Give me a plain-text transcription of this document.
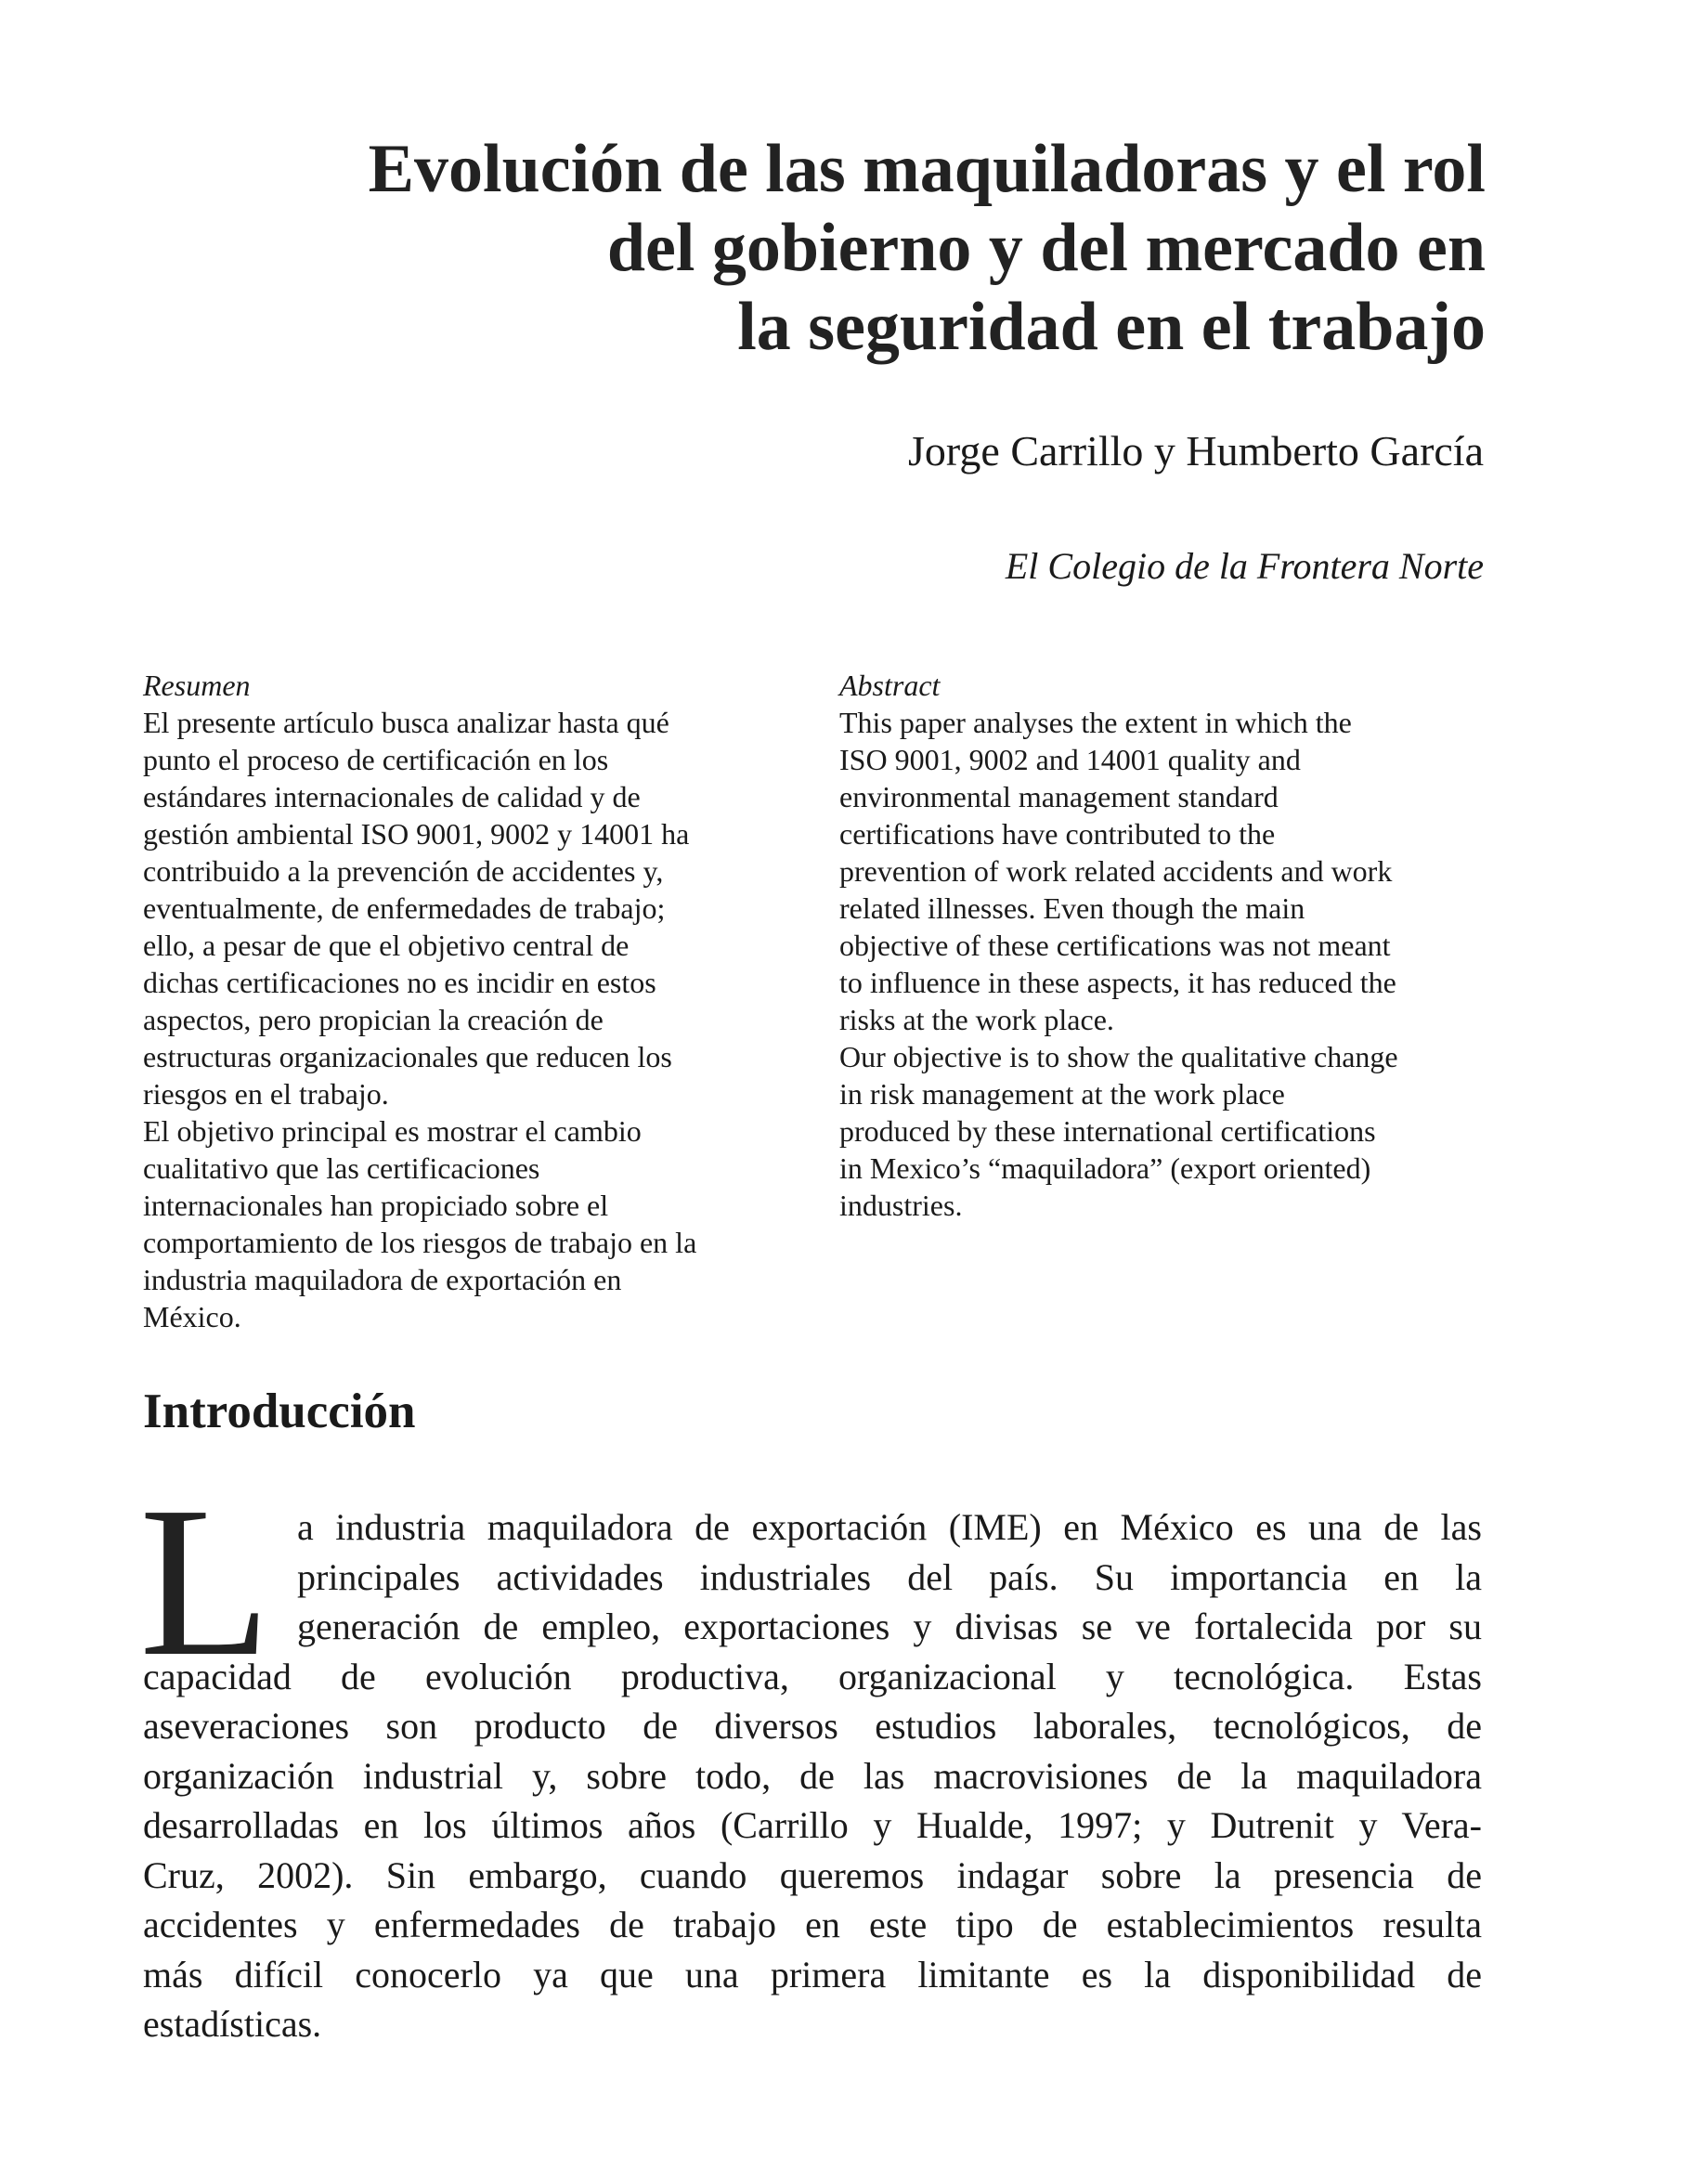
Evolución de las maquiladoras y el rol
del gobierno y del mercado en
la seguridad en el trabajo
Jorge Carrillo y Humberto García
El Colegio de la Frontera Norte
Resumen
El presente artículo busca analizar hasta qué
punto el proceso de certificación en los
estándares internacionales de calidad y de
gestión ambiental ISO 9001, 9002 y 14001 ha
contribuido a la prevención de accidentes y,
eventualmente, de enfermedades de trabajo;
ello, a pesar de que el objetivo central de
dichas certificaciones no es incidir en estos
aspectos, pero propician la creación de
estructuras organizacionales que reducen los
riesgos en el trabajo.
El objetivo principal es mostrar el cambio
cualitativo que las certificaciones
internacionales han propiciado sobre el
comportamiento de los riesgos de trabajo en la
industria maquiladora de exportación en
México.
Abstract
This paper analyses the extent in which the
ISO 9001, 9002 and 14001 quality and
environmental management standard
certifications have contributed to the
prevention of work related accidents and work
related illnesses. Even though the main
objective of these certifications was not meant
to influence in these aspects, it has reduced the
risks at the work place.
Our objective is to show the qualitative change
in risk management at the work place
produced by these international certifications
in Mexico’s “maquiladora” (export oriented)
industries.
Introducción
L a industria maquiladora de exportación (IME) en México es una de las
principales actividades industriales del país. Su importancia en la
generación de empleo, exportaciones y divisas se ve fortalecida por su
capacidad de evolución productiva, organizacional y tecnológica. Estas
aseveraciones son producto de diversos estudios laborales, tecnológicos, de
organización industrial y, sobre todo, de las macrovisiones de la maquiladora
desarrolladas en los últimos años (Carrillo y Hualde, 1997; y Dutrenit y Vera-
Cruz, 2002). Sin embargo, cuando queremos indagar sobre la presencia de
accidentes y enfermedades de trabajo en este tipo de establecimientos resulta
más difícil conocerlo ya que una primera limitante es la disponibilidad de
estadísticas.
